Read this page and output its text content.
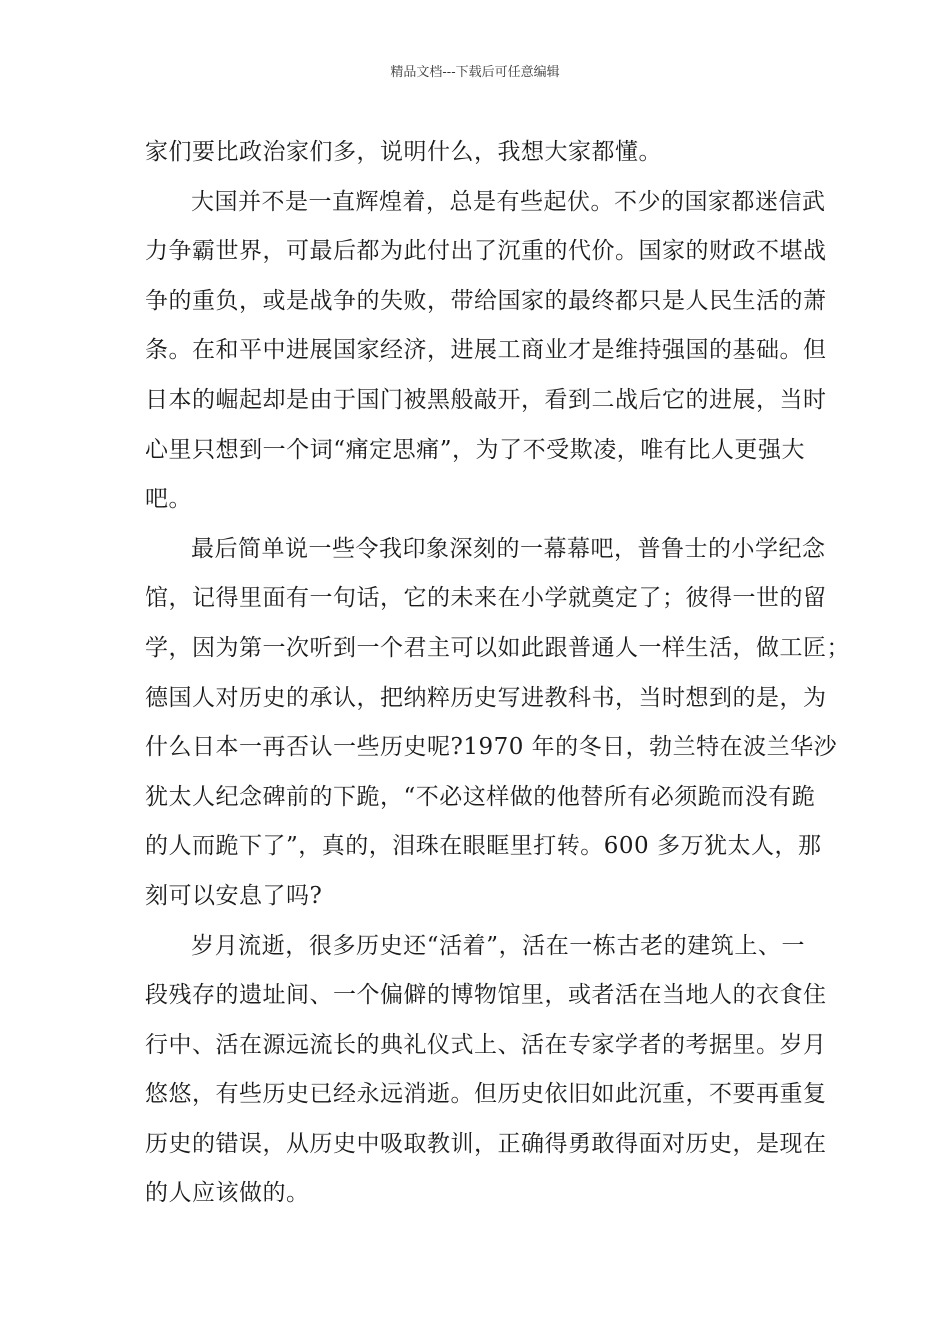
精品文档---下载后可任意编辑
家们要比政治家们多，说明什么，我想大家都懂。
大国并不是一直辉煌着，总是有些起伏。不少的国家都迷信武
力争霸世界，可最后都为此付出了沉重的代价。国家的财政不堪战
争的重负，或是战争的失败，带给国家的最终都只是人民生活的萧
条。在和平中进展国家经济，进展工商业才是维持强国的基础。但
日本的崛起却是由于国门被黑般敲开，看到二战后它的进展，当时
心里只想到一个词“痛定思痛”，为了不受欺凌，唯有比人更强大
吧。
最后简单说一些令我印象深刻的一幕幕吧，普鲁士的小学纪念
馆，记得里面有一句话，它的未来在小学就奠定了；彼得一世的留
学，因为第一次听到一个君主可以如此跟普通人一样生活，做工匠；
德国人对历史的承认，把纳粹历史写进教科书，当时想到的是，为
什么日本一再否认一些历史呢?1970 年的冬日，勃兰特在波兰华沙
犹太人纪念碑前的下跪，“不必这样做的他替所有必须跪而没有跪
的人而跪下了”，真的，泪珠在眼眶里打转。600 多万犹太人，那
刻可以安息了吗?
岁月流逝，很多历史还“活着”，活在一栋古老的建筑上、一
段残存的遗址间、一个偏僻的博物馆里，或者活在当地人的衣食住
行中、活在源远流长的典礼仪式上、活在专家学者的考据里。岁月
悠悠，有些历史已经永远消逝。但历史依旧如此沉重，不要再重复
历史的错误，从历史中吸取教训，正确得勇敢得面对历史，是现在
的人应该做的。
